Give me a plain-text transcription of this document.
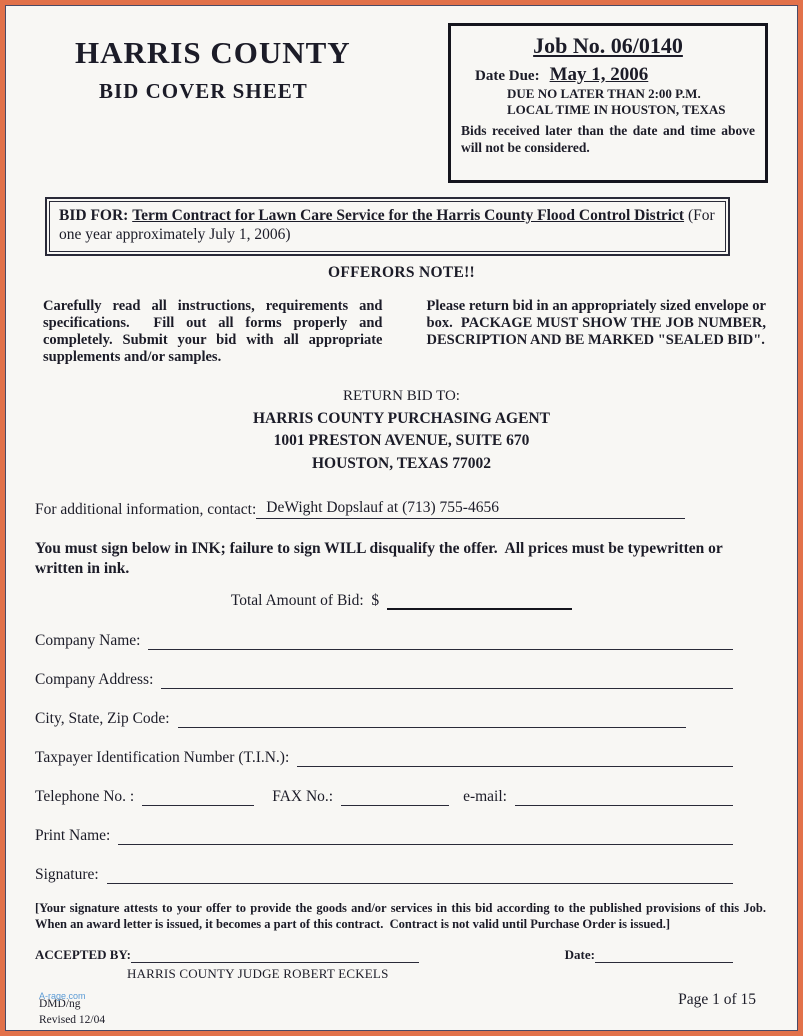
HARRIS COUNTY
BID COVER SHEET
Job No. 06/0140
Date Due: May 1, 2006
DUE NO LATER THAN 2:00 P.M.
LOCAL TIME IN HOUSTON, TEXAS
Bids received later than the date and time above will not be considered.
BID FOR: Term Contract for Lawn Care Service for the Harris County Flood Control District (For one year approximately July 1, 2006)
OFFERORS NOTE!!
Carefully read all instructions, requirements and specifications.  Fill out all forms properly and completely. Submit your bid with all appropriate supplements and/or samples.
Please return bid in an appropriately sized envelope or box.  PACKAGE MUST SHOW THE JOB NUMBER, DESCRIPTION AND BE MARKED "SEALED BID".
RETURN BID TO:
HARRIS COUNTY PURCHASING AGENT
1001 PRESTON AVENUE, SUITE 670
HOUSTON, TEXAS 77002
For additional information, contact: DeWight Dopslauf at (713) 755-4656
You must sign below in INK; failure to sign WILL disqualify the offer.  All prices must be typewritten or written in ink.
Total Amount of Bid:  $
Company Name:
Company Address:
City, State, Zip Code:
Taxpayer Identification Number (T.I.N.):
Telephone No. :	FAX No.:	e-mail:
Print Name:
Signature:
[Your signature attests to your offer to provide the goods and/or services in this bid according to the published provisions of this Job. When an award letter is issued, it becomes a part of this contract.  Contract is not valid until Purchase Order is issued.]
ACCEPTED BY:	Date:
HARRIS COUNTY JUDGE ROBERT ECKELS
DMD/ng
Revised 12/04
A-rage.com	Page 1 of 15
